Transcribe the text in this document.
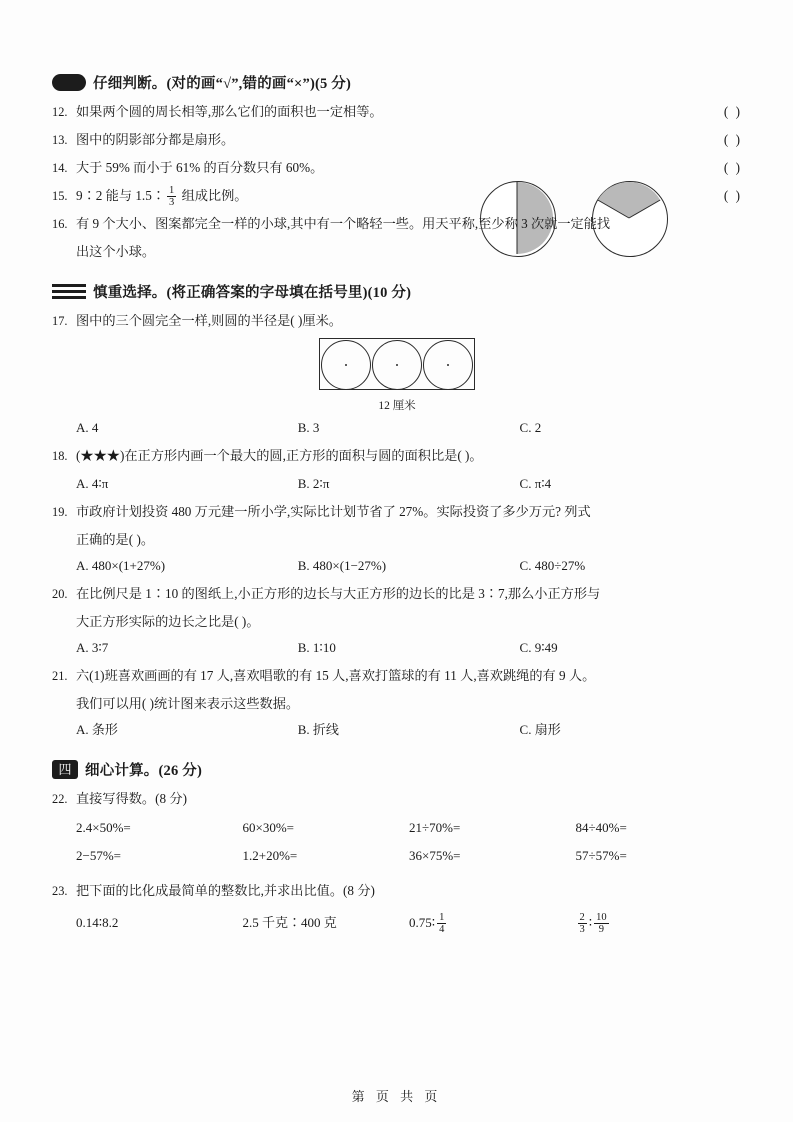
仔细判断。(对的画“√”,错的画“×”)(5 分)
12. 如果两个圆的周长相等,那么它们的面积也一定相等。	( )
13. 图中的阴影部分都是扇形。	( )
14. 大于 59% 而小于 61% 的百分数只有 60%。	( )
15. 9∶2 能与 1.5∶ $\frac{1}{3}$ 组成比例。	( )
16. 有 9 个大小、图案都完全一样的小球,其中有一个略轻一些。用天平称,至少称 3 次就一定能找
出这个小球。
慎重选择。(将正确答案的字母填在括号里)(10 分)
17. 图中的三个圆完全一样,则圆的半径是( )厘米。
12 厘米
A. 4	B. 3	C. 2
18. (★★★)在正方形内画一个最大的圆,正方形的面积与圆的面积比是( )。
A. 4∶π	B. 2∶π	C. π∶4
19. 市政府计划投资 480 万元建一所小学,实际比计划节省了 27%。实际投资了多少万元? 列式
正确的是( )。
A. 480×(1+27%)	B. 480×(1−27%)	C. 480÷27%
20. 在比例尺是 1∶10 的图纸上,小正方形的边长与大正方形的边长的比是 3∶7,那么小正方形与
大正方形实际的边长之比是( )。
A. 3∶7	B. 1∶10	C. 9∶49
21. 六(1)班喜欢画画的有 17 人,喜欢唱歌的有 15 人,喜欢打篮球的有 11 人,喜欢跳绳的有 9 人。
我们可以用( )统计图来表示这些数据。
A. 条形	B. 折线	C. 扇形
四 细心计算。(26 分)
22. 直接写得数。(8 分)
2.4×50%=	60×30%=	21÷70%=	84÷40%=
2−57%=	1.2+20%=	36×75%=	57÷57%=
23. 把下面的比化成最简单的整数比,并求出比值。(8 分)
0.14∶8.2	2.5 千克∶400 克	0.75∶ $\frac{1}{4}$	$\frac{2}{3}$ ∶ $\frac{10}{9}$
第 页 共 页
